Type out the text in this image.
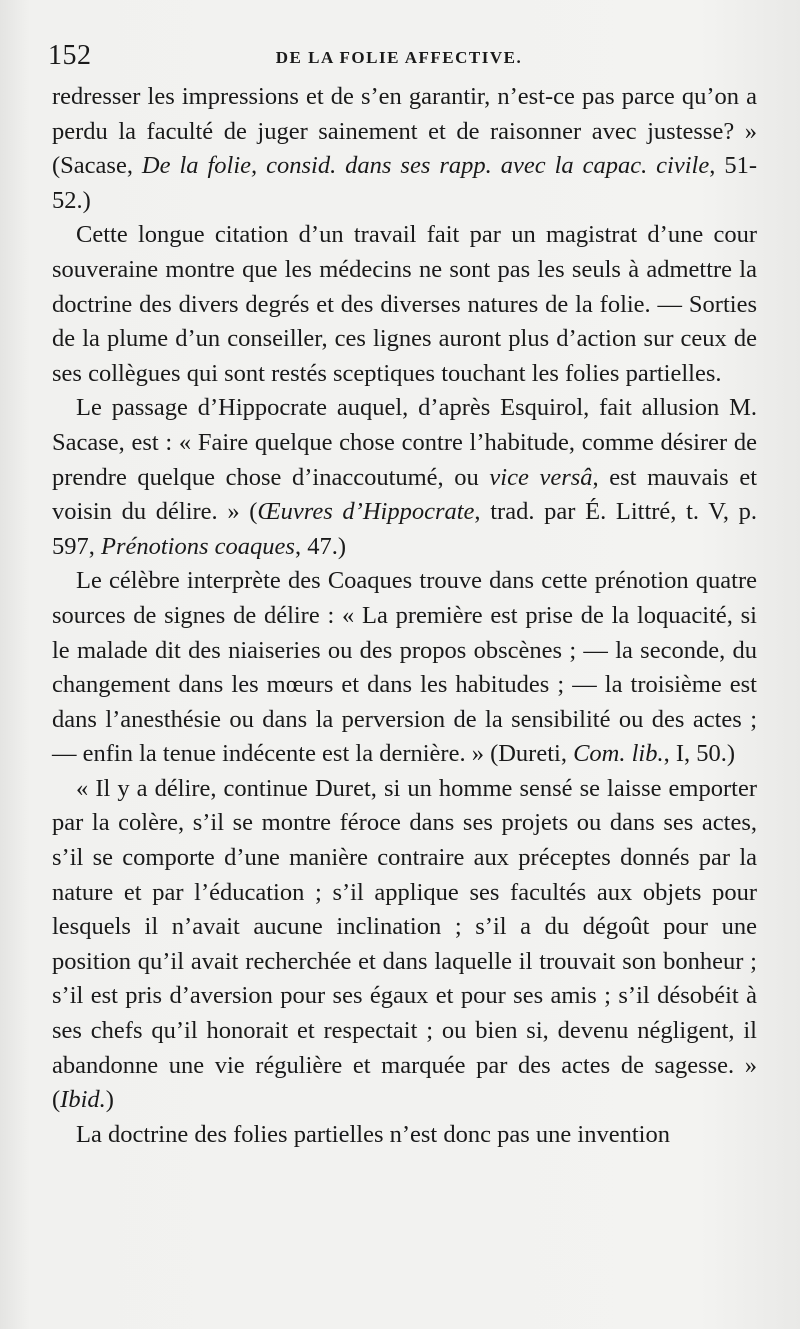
152	DE LA FOLIE AFFECTIVE.

redresser les impressions et de s’en garantir, n’est-ce pas parce qu’on a perdu la faculté de juger sainement et de raisonner avec justesse? » (Sacase, De la folie, consid. dans ses rapp. avec la capac. civile, 51-52.)

Cette longue citation d’un travail fait par un magistrat d’une cour souveraine montre que les médecins ne sont pas les seuls à admettre la doctrine des divers degrés et des diverses natures de la folie. — Sorties de la plume d’un conseiller, ces lignes auront plus d’action sur ceux de ses collègues qui sont restés sceptiques touchant les folies partielles.

Le passage d’Hippocrate auquel, d’après Esquirol, fait allusion M. Sacase, est : « Faire quelque chose contre l’habitude, comme désirer de prendre quelque chose d’inaccoutumé, ou vice versâ, est mauvais et voisin du délire. » (Œuvres d’Hippocrate, trad. par É. Littré, t. V, p. 597, Prénotions coaques, 47.)

Le célèbre interprète des Coaques trouve dans cette prénotion quatre sources de signes de délire : « La première est prise de la loquacité, si le malade dit des niaiseries ou des propos obscènes ; — la seconde, du changement dans les mœurs et dans les habitudes ; — la troisième est dans l’anesthésie ou dans la perversion de la sensibilité ou des actes ; — enfin la tenue indécente est la dernière. » (Dureti, Com. lib., I, 50.)

« Il y a délire, continue Duret, si un homme sensé se laisse emporter par la colère, s’il se montre féroce dans ses projets ou dans ses actes, s’il se comporte d’une manière contraire aux préceptes donnés par la nature et par l’éducation ; s’il applique ses facultés aux objets pour lesquels il n’avait aucune inclination ; s’il a du dégoût pour une position qu’il avait recherchée et dans laquelle il trouvait son bonheur ; s’il est pris d’aversion pour ses égaux et pour ses amis ; s’il désobéit à ses chefs qu’il honorait et respectait ; ou bien si, devenu négligent, il abandonne une vie régulière et marquée par des actes de sagesse. » (Ibid.)

La doctrine des folies partielles n’est donc pas une invention
